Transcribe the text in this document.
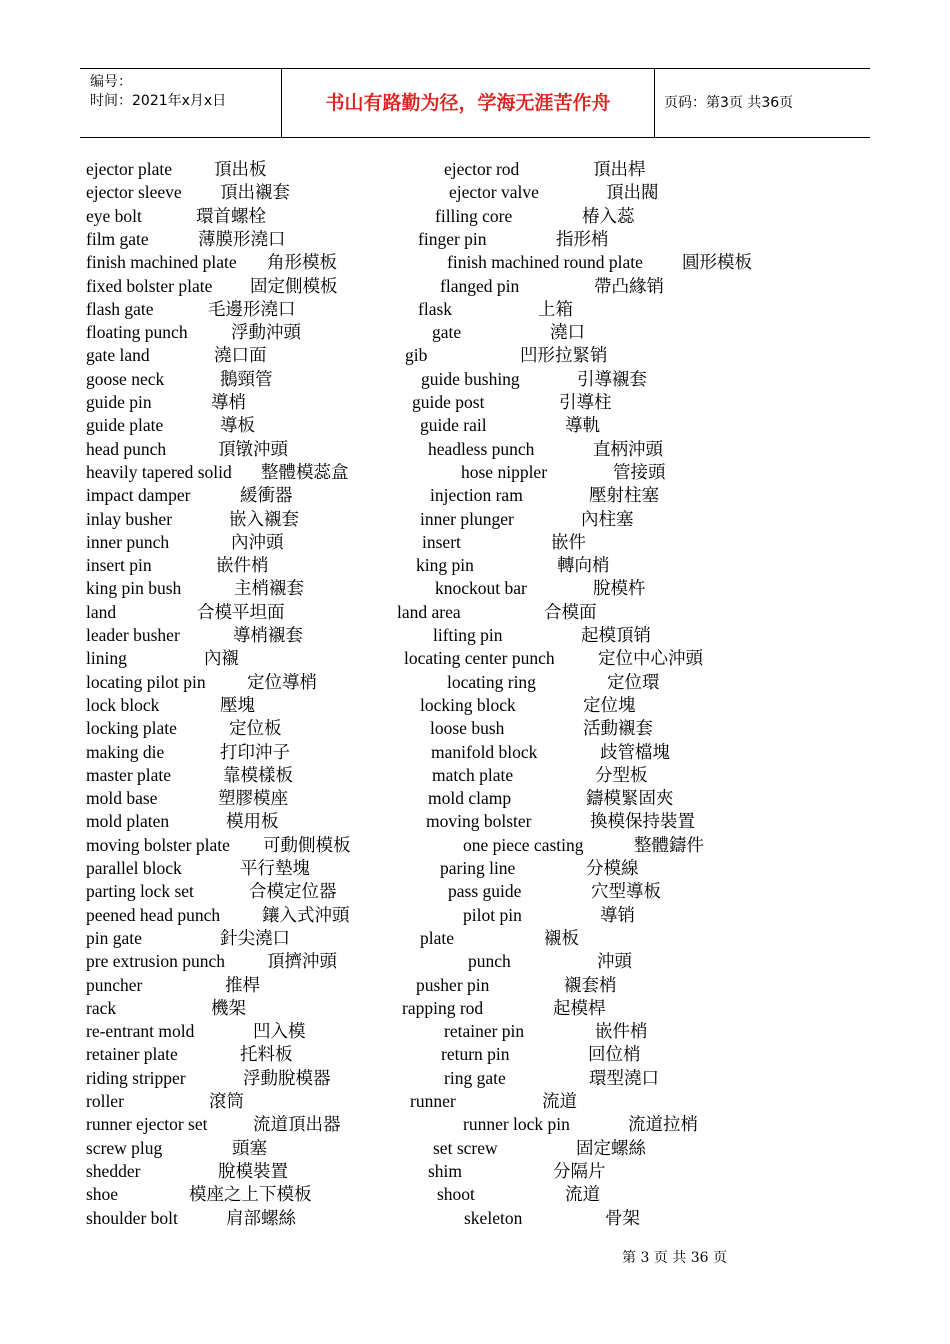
编号：
时间：2021年x月x日	书山有路勤为径，学海无涯苦作舟	页码：第3页 共36页
ejector plate 頂出板	ejector rod	頂出桿
ejector sleeve 頂出襯套	ejector valve	頂出閥
eye bolt	環首螺栓	filling core	椿入蕊
film gate	薄膜形澆口	finger pin	指形梢
finish machined plate 角形模板	finish machined round plate 圓形模板
fixed bolster plate 固定側模板	flanged pin	帶凸緣销
flash gate	毛邊形澆口	flask	上箱
floating punch 浮動沖頭	gate	澆口
gate land	澆口面	gib	凹形拉緊销
goose neck	鵝頸管	guide bushing	引導襯套
guide pin	導梢	guide post	引導柱
guide plate	導板	guide rail	導軌
head punch	頂镦沖頭	headless punch	直柄沖頭
heavily tapered solid 整體模蕊盒	hose nippler	管接頭
impact damper	緩衝器	injection ram	壓射柱塞
inlay busher	嵌入襯套	inner plunger	內柱塞
inner punch	內沖頭	insert	嵌件
insert pin	嵌件梢	king pin	轉向梢
king pin bush	主梢襯套	knockout bar	脫模杵
land	合模平坦面	land area	合模面
leader busher	導梢襯套	lifting pin	起模頂销
lining	內襯	locating center punch 定位中心沖頭
locating pilot pin 定位導梢	locating ring	定位環
lock block	壓塊	locking block	定位塊
locking plate	定位板	loose bush	活動襯套
making die	打印沖子	manifold block	歧管檔塊
master plate	靠模樣板	match plate	分型板
mold base	塑膠模座	mold clamp	鑄模緊固夾
mold platen	模用板	moving bolster	換模保持裝置
moving bolster plate 可動側模板	one piece casting	整體鑄件
parallel block	平行墊塊	paring line	分模線
parting lock set	合模定位器	pass guide	穴型導板
peened head punch 鑲入式沖頭	pilot pin	導销
pin gate	針尖澆口	plate	襯板
pre extrusion punch 頂擠沖頭	punch	沖頭
puncher	推桿	pusher pin	襯套梢
rack	機架	rapping rod	起模桿
re-entrant mold	凹入模	retainer pin	嵌件梢
retainer plate	托料板	return pin	回位梢
riding stripper	浮動脫模器	ring gate	環型澆口
roller	滾筒	runner	流道
runner ejector set	流道頂出器	runner lock pin	流道拉梢
screw plug	頭塞	set screw	固定螺絲
shedder	脫模裝置	shim	分隔片
shoe	模座之上下模板	shoot	流道
shoulder bolt	肩部螺絲	skeleton	骨架
第 3 页 共 36 页
